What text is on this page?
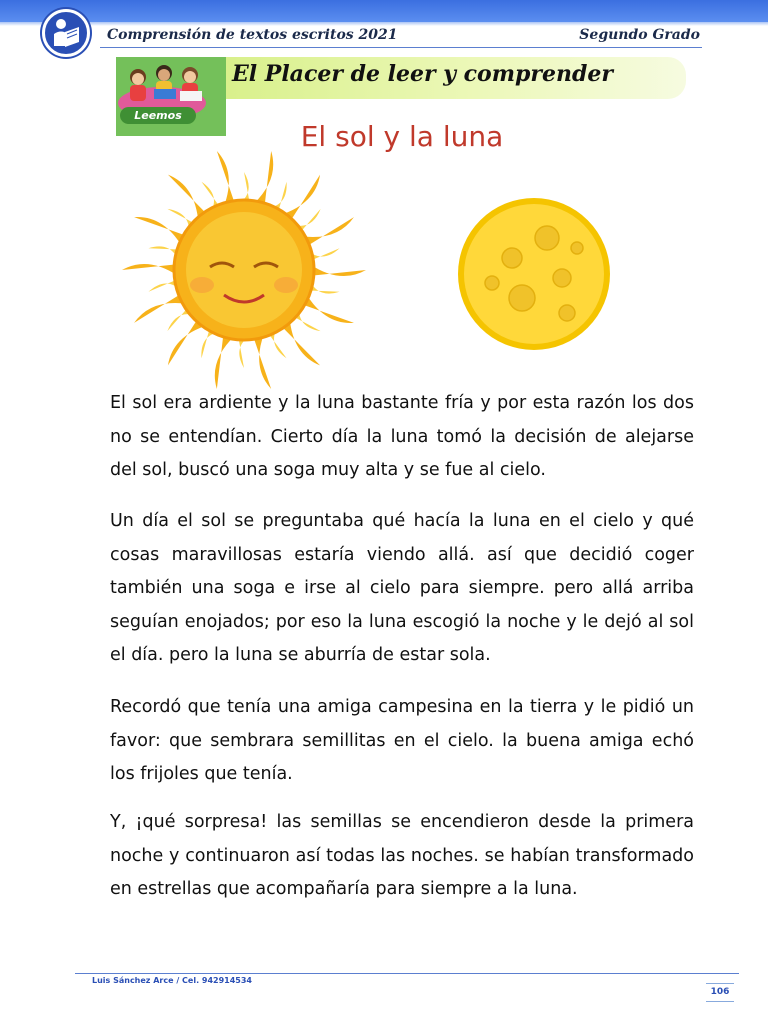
Comprensión de textos escritos 2021	Segundo Grado
El Placer de leer y comprender
Leemos
El sol y la luna
El sol era ardiente y la luna bastante fría y por esta razón los dos no se entendían. Cierto día la luna tomó la decisión de alejarse del sol, buscó una soga muy alta y se fue al cielo.
Un día el sol se preguntaba qué hacía la luna en el cielo y qué cosas maravillosas estaría viendo allá. así que decidió coger también una soga e irse al cielo para siempre. pero allá arriba seguían enojados; por eso la luna escogió la noche y le dejó al sol el día. pero la luna se aburría de estar sola.
Recordó que tenía una amiga campesina en la tierra y le pidió un favor: que sembrara semillitas en el cielo. la buena amiga echó los frijoles que tenía.
Y, ¡qué sorpresa! las semillas se encendieron desde la primera noche y continuaron así todas las noches. se habían transformado en estrellas que acompañaría para siempre a la luna.
Luis Sánchez Arce / Cel. 942914534
106
